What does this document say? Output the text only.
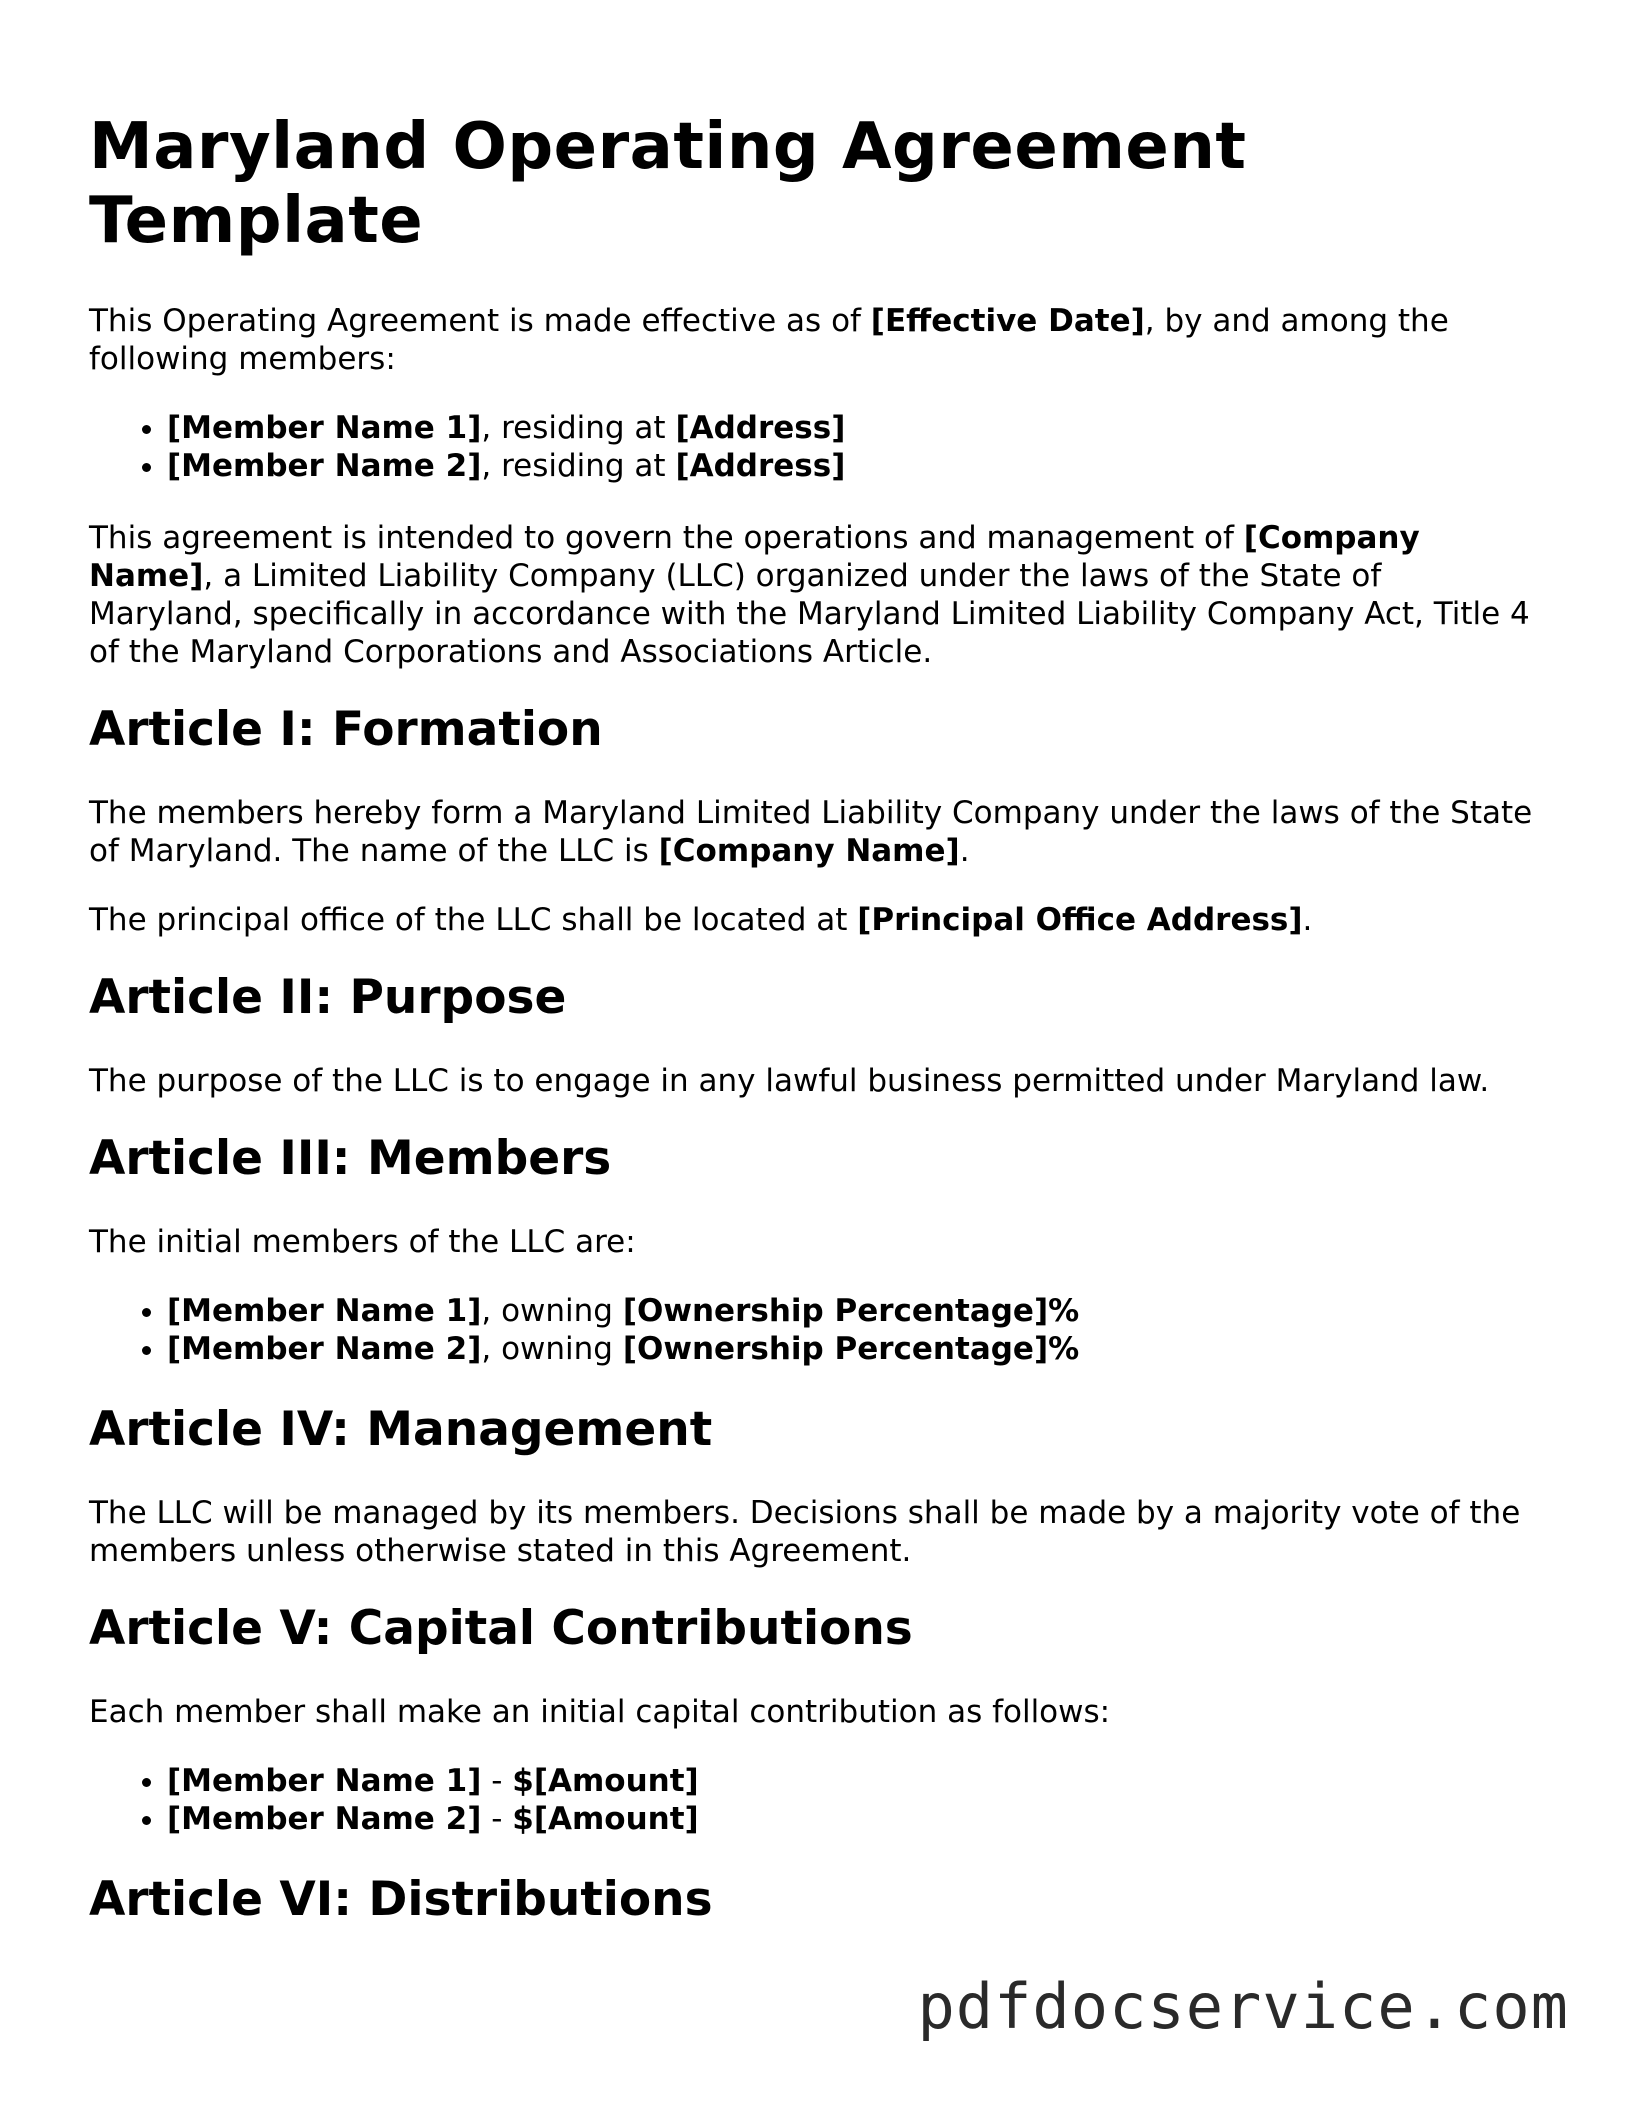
Maryland Operating Agreement Template

This Operating Agreement is made effective as of [Effective Date], by and among the following members:

• [Member Name 1], residing at [Address]
• [Member Name 2], residing at [Address]

This agreement is intended to govern the operations and management of [Company Name], a Limited Liability Company (LLC) organized under the laws of the State of Maryland, specifically in accordance with the Maryland Limited Liability Company Act, Title 4 of the Maryland Corporations and Associations Article.

Article I: Formation

The members hereby form a Maryland Limited Liability Company under the laws of the State of Maryland. The name of the LLC is [Company Name].

The principal office of the LLC shall be located at [Principal Office Address].

Article II: Purpose

The purpose of the LLC is to engage in any lawful business permitted under Maryland law.

Article III: Members

The initial members of the LLC are:

• [Member Name 1], owning [Ownership Percentage]%
• [Member Name 2], owning [Ownership Percentage]%
Article IV: Management

The LLC will be managed by its members. Decisions shall be made by a majority vote of the members unless otherwise stated in this Agreement.

Article V: Capital Contributions

Each member shall make an initial capital contribution as follows:

• [Member Name 1] - $[Amount]
• [Member Name 2] - $[Amount]
Article VI: Distributions
pdfdocservice.com
